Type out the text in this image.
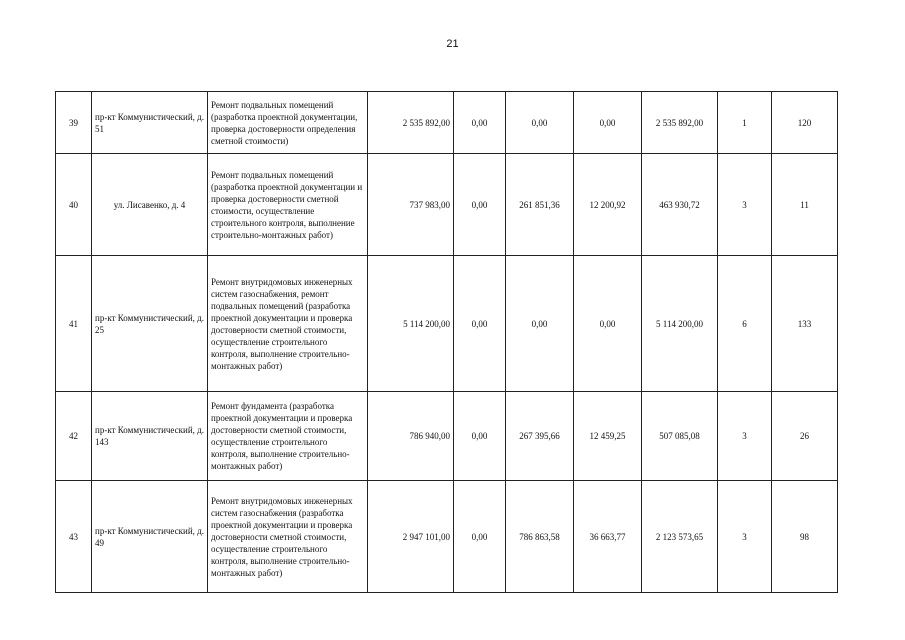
21
39	пр-кт Коммунистический, д. 51	Ремонт подвальных помещений (разработка проектной документации, проверка достоверности определения сметной стоимости)	2 535 892,00	0,00	0,00	0,00	2 535 892,00	1	120
40	ул. Лисавенко, д. 4	Ремонт подвальных помещений (разработка проектной документации и проверка достоверности сметной стоимости, осуществление строительного контроля, выполнение строительно-монтажных работ)	737 983,00	0,00	261 851,36	12 200,92	463 930,72	3	11
41	пр-кт Коммунистический, д. 25	Ремонт внутридомовых инженерных систем газоснабжения, ремонт подвальных помещений (разработка проектной документации и проверка достоверности сметной стоимости, осуществление строительного контроля, выполнение строительно-монтажных работ)	5 114 200,00	0,00	0,00	0,00	5 114 200,00	6	133
42	пр-кт Коммунистический, д. 143	Ремонт фундамента (разработка проектной документации и проверка достоверности сметной стоимости, осуществление строительного контроля, выполнение строительно-монтажных работ)	786 940,00	0,00	267 395,66	12 459,25	507 085,08	3	26
43	пр-кт Коммунистический, д. 49	Ремонт внутридомовых инженерных систем газоснабжения (разработка проектной документации и проверка достоверности сметной стоимости, осуществление строительного контроля, выполнение строительно-монтажных работ)	2 947 101,00	0,00	786 863,58	36 663,77	2 123 573,65	3	98
